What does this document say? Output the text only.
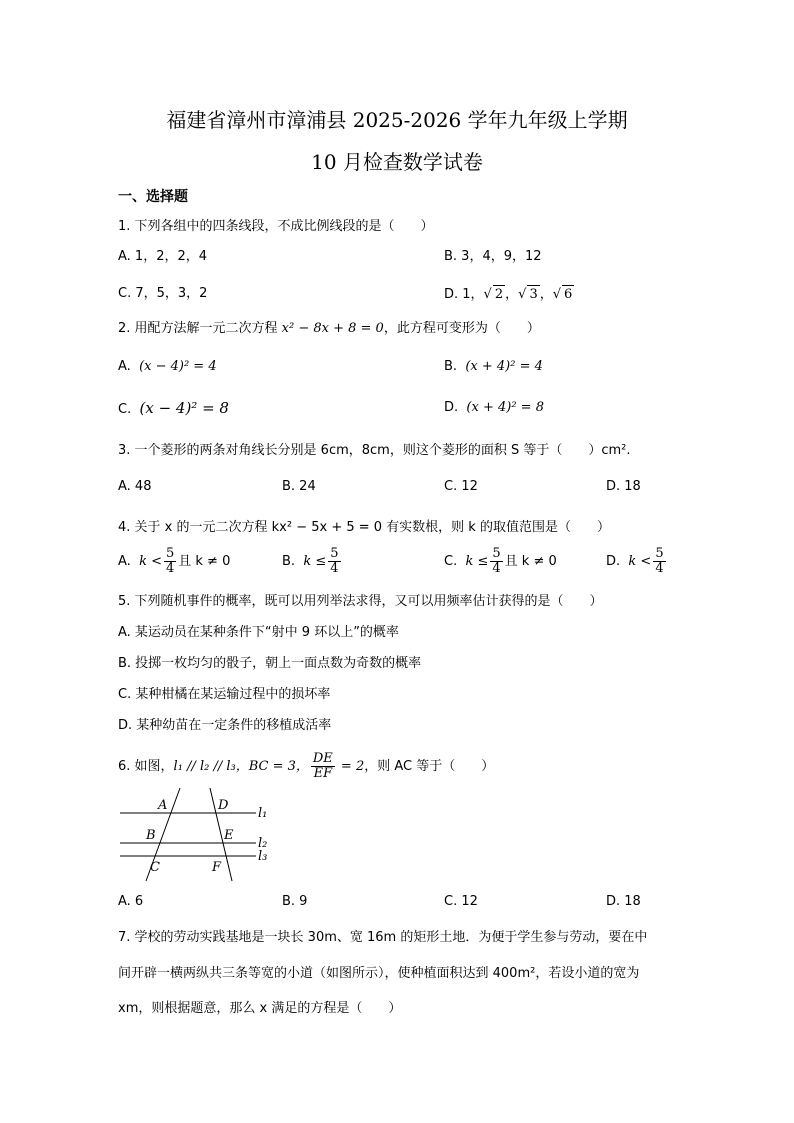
福建省漳州市漳浦县 2025-2026 学年九年级上学期
10 月检查数学试卷
一、选择题
1. 下列各组中的四条线段，不成比例线段的是（　　）
A. 1，2，2，4	B. 3，4，9，12
C. 7，5，3，2	D. 1，√ 2 ，√ 3 ，√ 6
2. 用配方法解一元二次方程 x² − 8x + 8 = 0，此方程可变形为（　　）
A. (x − 4)² = 4	B. (x + 4)² = 4
C. (x − 4)² = 8	D. (x + 4)² = 8
3. 一个菱形的两条对角线长分别是 6cm，8cm，则这个菱形的面积 S 等于（　　）cm².
A. 48	B. 24	C. 12	D. 18
4. 关于 x 的一元二次方程 kx² − 5x + 5 = 0 有实数根，则 k 的取值范围是（　　）
A. $k < \frac{5}{4}$ 且 k ≠ 0	B. $k \le \frac{5}{4}$	C. $k \le \frac{5}{4}$ 且 k ≠ 0	D. $k < \frac{5}{4}$
5. 下列随机事件的概率，既可以用列举法求得，又可以用频率估计获得的是（　　）
A. 某运动员在某种条件下“射中 9 环以上”的概率
B. 投掷一枚均匀的骰子，朝上一面点数为奇数的概率
C. 某种柑橘在某运输过程中的损坏率
D. 某种幼苗在一定条件的移植成活率
6. 如图，l₁ // l₂ // l₃，BC = 3， $\frac{DE}{EF} = 2$，则 AC 等于（　　）
A
B
C
D
E
F
l₁
l₂
l₃
A. 6	B. 9	C. 12	D. 18
7. 学校的劳动实践基地是一块长 30m、宽 16m 的矩形土地．为便于学生参与劳动，要在中
间开辟一横两纵共三条等宽的小道（如图所示），使种植面积达到 400m²，若设小道的宽为
xm，则根据题意，那么 x 满足的方程是（　　）
